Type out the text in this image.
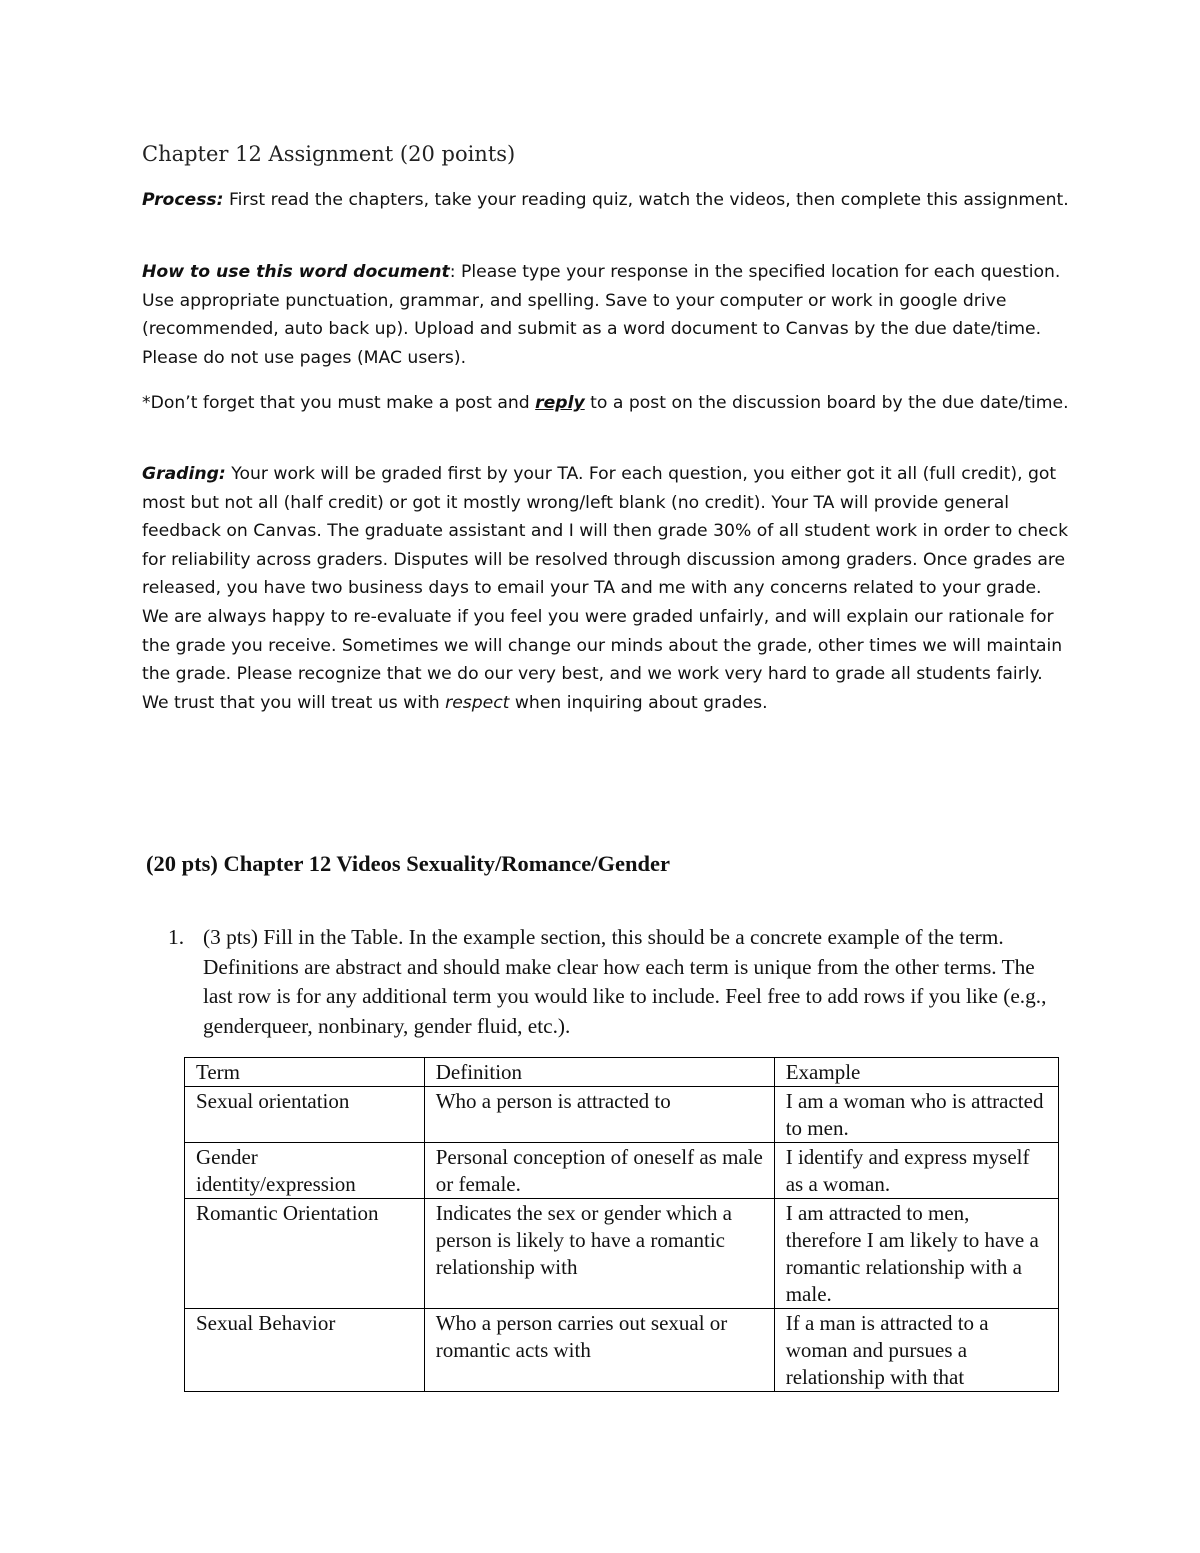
Chapter 12 Assignment (20 points)
Process: First read the chapters, take your reading quiz, watch the videos, then complete this assignment.
How to use this word document: Please type your response in the specified location for each question. Use appropriate punctuation, grammar, and spelling. Save to your computer or work in google drive (recommended, auto back up). Upload and submit as a word document to Canvas by the due date/time. Please do not use pages (MAC users).
*Don’t forget that you must make a post and reply to a post on the discussion board by the due date/time.
Grading: Your work will be graded first by your TA. For each question, you either got it all (full credit), got most but not all (half credit) or got it mostly wrong/left blank (no credit). Your TA will provide general feedback on Canvas. The graduate assistant and I will then grade 30% of all student work in order to check for reliability across graders. Disputes will be resolved through discussion among graders. Once grades are released, you have two business days to email your TA and me with any concerns related to your grade. We are always happy to re-evaluate if you feel you were graded unfairly, and will explain our rationale for the grade you receive. Sometimes we will change our minds about the grade, other times we will maintain the grade. Please recognize that we do our very best, and we work very hard to grade all students fairly. We trust that you will treat us with respect when inquiring about grades.
(20 pts) Chapter 12 Videos Sexuality/Romance/Gender
1. (3 pts) Fill in the Table. In the example section, this should be a concrete example of the term. Definitions are abstract and should make clear how each term is unique from the other terms. The last row is for any additional term you would like to include. Feel free to add rows if you like (e.g., genderqueer, nonbinary, gender fluid, etc.).
Term	Definition	Example
Sexual orientation	Who a person is attracted to	I am a woman who is attracted to men.
Gender identity/expression	Personal conception of oneself as male or female.	I identify and express myself as a woman.
Romantic Orientation	Indicates the sex or gender which a person is likely to have a romantic relationship with	I am attracted to men, therefore I am likely to have a romantic relationship with a male.
Sexual Behavior	Who a person carries out sexual or romantic acts with	If a man is attracted to a woman and pursues a relationship with that
